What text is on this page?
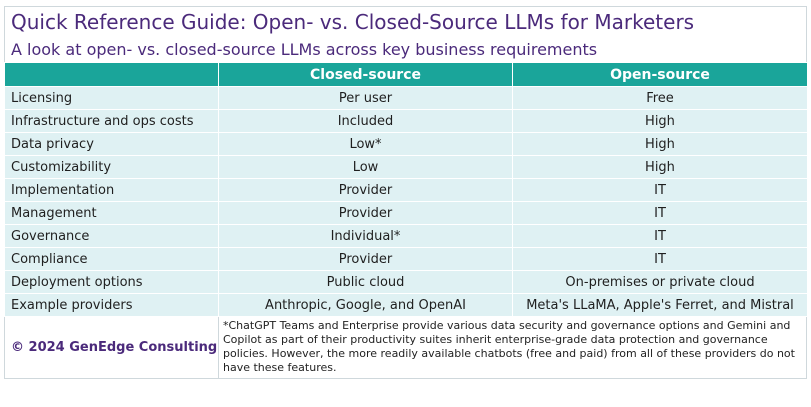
Quick Reference Guide: Open- vs. Closed-Source LLMs for Marketers
A look at open- vs. closed-source LLMs across key business requirements
	Closed-source	Open-source
Licensing	Per user	Free
Infrastructure and ops costs	Included	High
Data privacy	Low*	High
Customizability	Low	High
Implementation	Provider	IT
Management	Provider	IT
Governance	Individual*	IT
Compliance	Provider	IT
Deployment options	Public cloud	On-premises or private cloud
Example providers	Anthropic, Google, and OpenAI	Meta's LLaMA, Apple's Ferret, and Mistral
© 2024 GenEdge Consulting
*ChatGPT Teams and Enterprise provide various data security and governance options and Gemini and Copilot as part of their productivity suites inherit enterprise-grade data protection and governance policies. However, the more readily available chatbots (free and paid) from all of these providers do not have these features.
